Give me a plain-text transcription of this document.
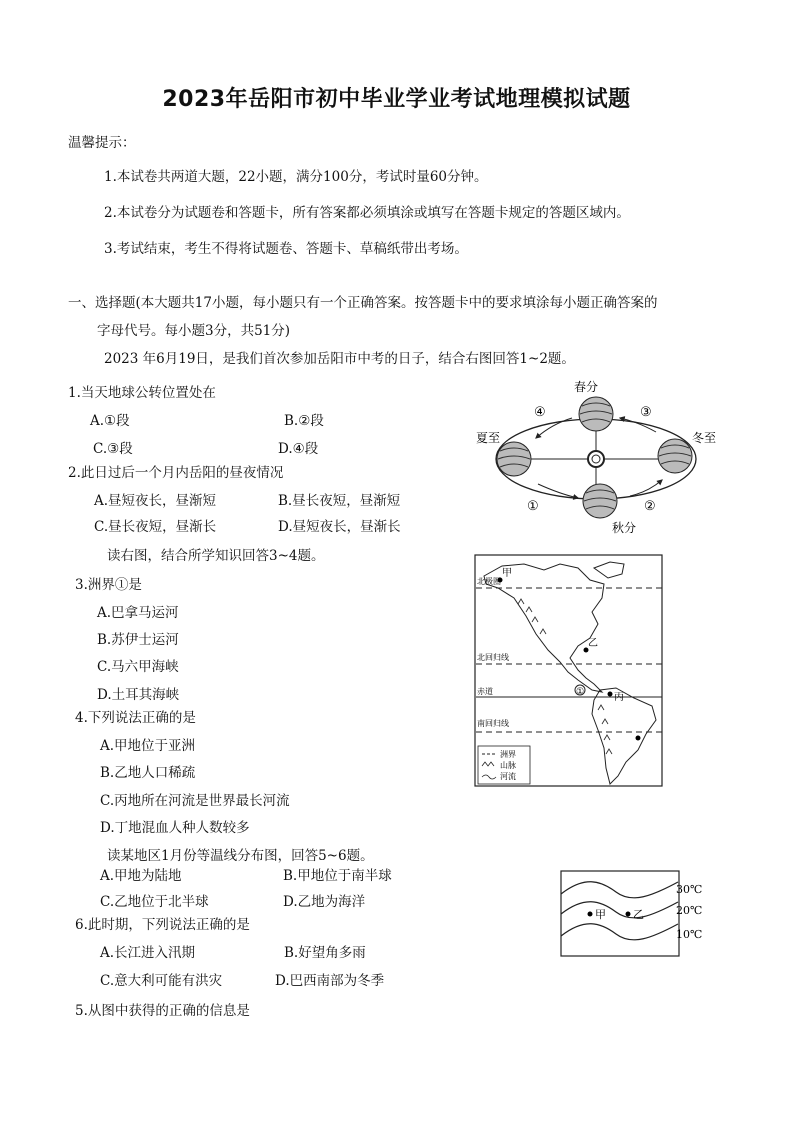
2023年岳阳市初中毕业学业考试地理模拟试题
温馨提示：
1.本试卷共两道大题，22小题，满分100分，考试时量60分钟。
2.本试卷分为试题卷和答题卡，所有答案都必须填涂或填写在答题卡规定的答题区域内。
3.考试结束，考生不得将试题卷、答题卡、草稿纸带出考场。
一、选择题(本大题共17小题，每小题只有一个正确答案。按答题卡中的要求填涂每小题正确答案的
字母代号。每小题3分，共51分)
2023 年6月19日，是我们首次参加岳阳市中考的日子，结合右图回答1~2题。
1.当天地球公转位置处在
A.①段	B.②段
C.③段	D.④段
2.此日过后一个月内岳阳的昼夜情况
A.昼短夜长，昼渐短	B.昼长夜短，昼渐短
C.昼长夜短，昼渐长	D.昼短夜长，昼渐长
读右图，结合所学知识回答3~4题。
3.洲界①是
A.巴拿马运河
B.苏伊士运河
C.马六甲海峡
D.土耳其海峡
4.下列说法正确的是
A.甲地位于亚洲
B.乙地人口稀疏
C.丙地所在河流是世界最长河流
D.丁地混血人种人数较多
读某地区1月份等温线分布图，回答5~6题。
A.甲地为陆地	B.甲地位于南半球
C.乙地位于北半球	D.乙地为海洋
6.此时期，下列说法正确的是
A.长江进入汛期	B.好望角多雨
C.意大利可能有洪灾	D.巴西南部为冬季
5.从图中获得的正确的信息是
春分
夏至	冬至
秋分
①	②
③
④
北极圈
北回归线
赤道
南回归线
甲
乙
丙
①
洲界
山脉
河流
甲 乙
30℃
20℃
10℃
